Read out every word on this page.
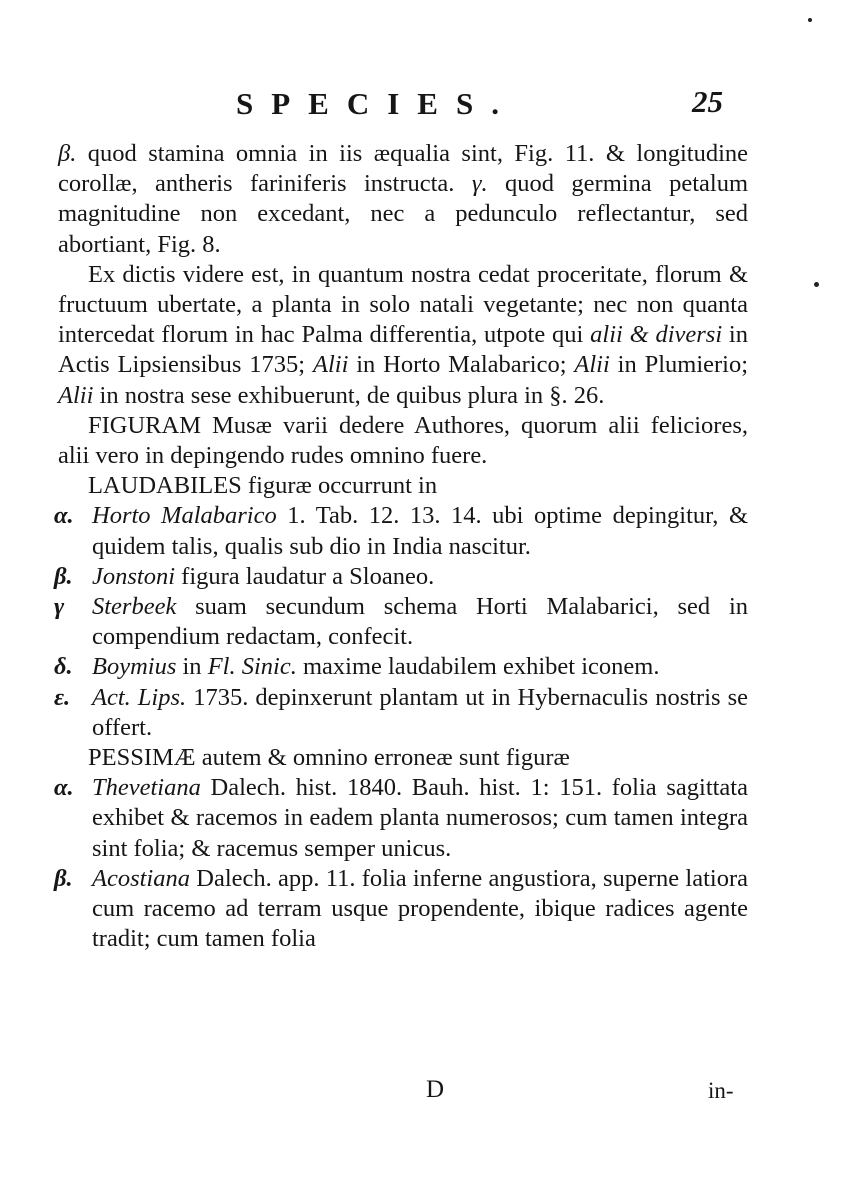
SPECIES.	25

β. quod stamina omnia in iis æqualia sint, Fig. 11. & longitudine corollæ, antheris fariniferis instructa. γ. quod germina petalum magnitudine non excedant, nec a pedunculo reflectantur, sed abortiant, Fig. 8.

Ex dictis videre est, in quantum nostra cedat proceritate, florum & fructuum ubertate, a planta in solo natali vegetante; nec non quanta intercedat florum in hac Palma differentia, utpote qui alii & diversi in Actis Lipsiensibus 1735; Alii in Horto Malabarico; Alii in Plumierio; Alii in nostra sese exhibuerunt, de quibus plura in §. 26.

FIGURAM Musæ varii dedere Authores, quorum alii feliciores, alii vero in depingendo rudes omnino fuere.

LAUDABILES figuræ occurrunt in

α. Horto Malabarico 1. Tab. 12. 13. 14. ubi optime depingitur, & quidem talis, qualis sub dio in India nascitur.

β. Jonstoni figura laudatur a Sloaneo.

γ	Sterbeek suam secundum schema Horti Malabarici, sed in compendium redactam, confecit.

δ. Boymius in Fl. Sinic. maxime laudabilem exhibet iconem.

ε. Act. Lips. 1735. depinxerunt plantam ut in Hybernaculis nostris se offert.

PESSIMÆ autem & omnino erroneæ sunt figuræ

α. Thevetiana Dalech. hist. 1840. Bauh. hist. 1: 151. folia sagittata exhibet & racemos in eadem planta numerosos; cum tamen integra sint folia; & racemus semper unicus.

β. Acostiana Dalech. app. 11. folia inferne angustiora, superne latiora cum racemo ad terram usque propendente, ibique radices agente tradit; cum tamen folia

D	in-
